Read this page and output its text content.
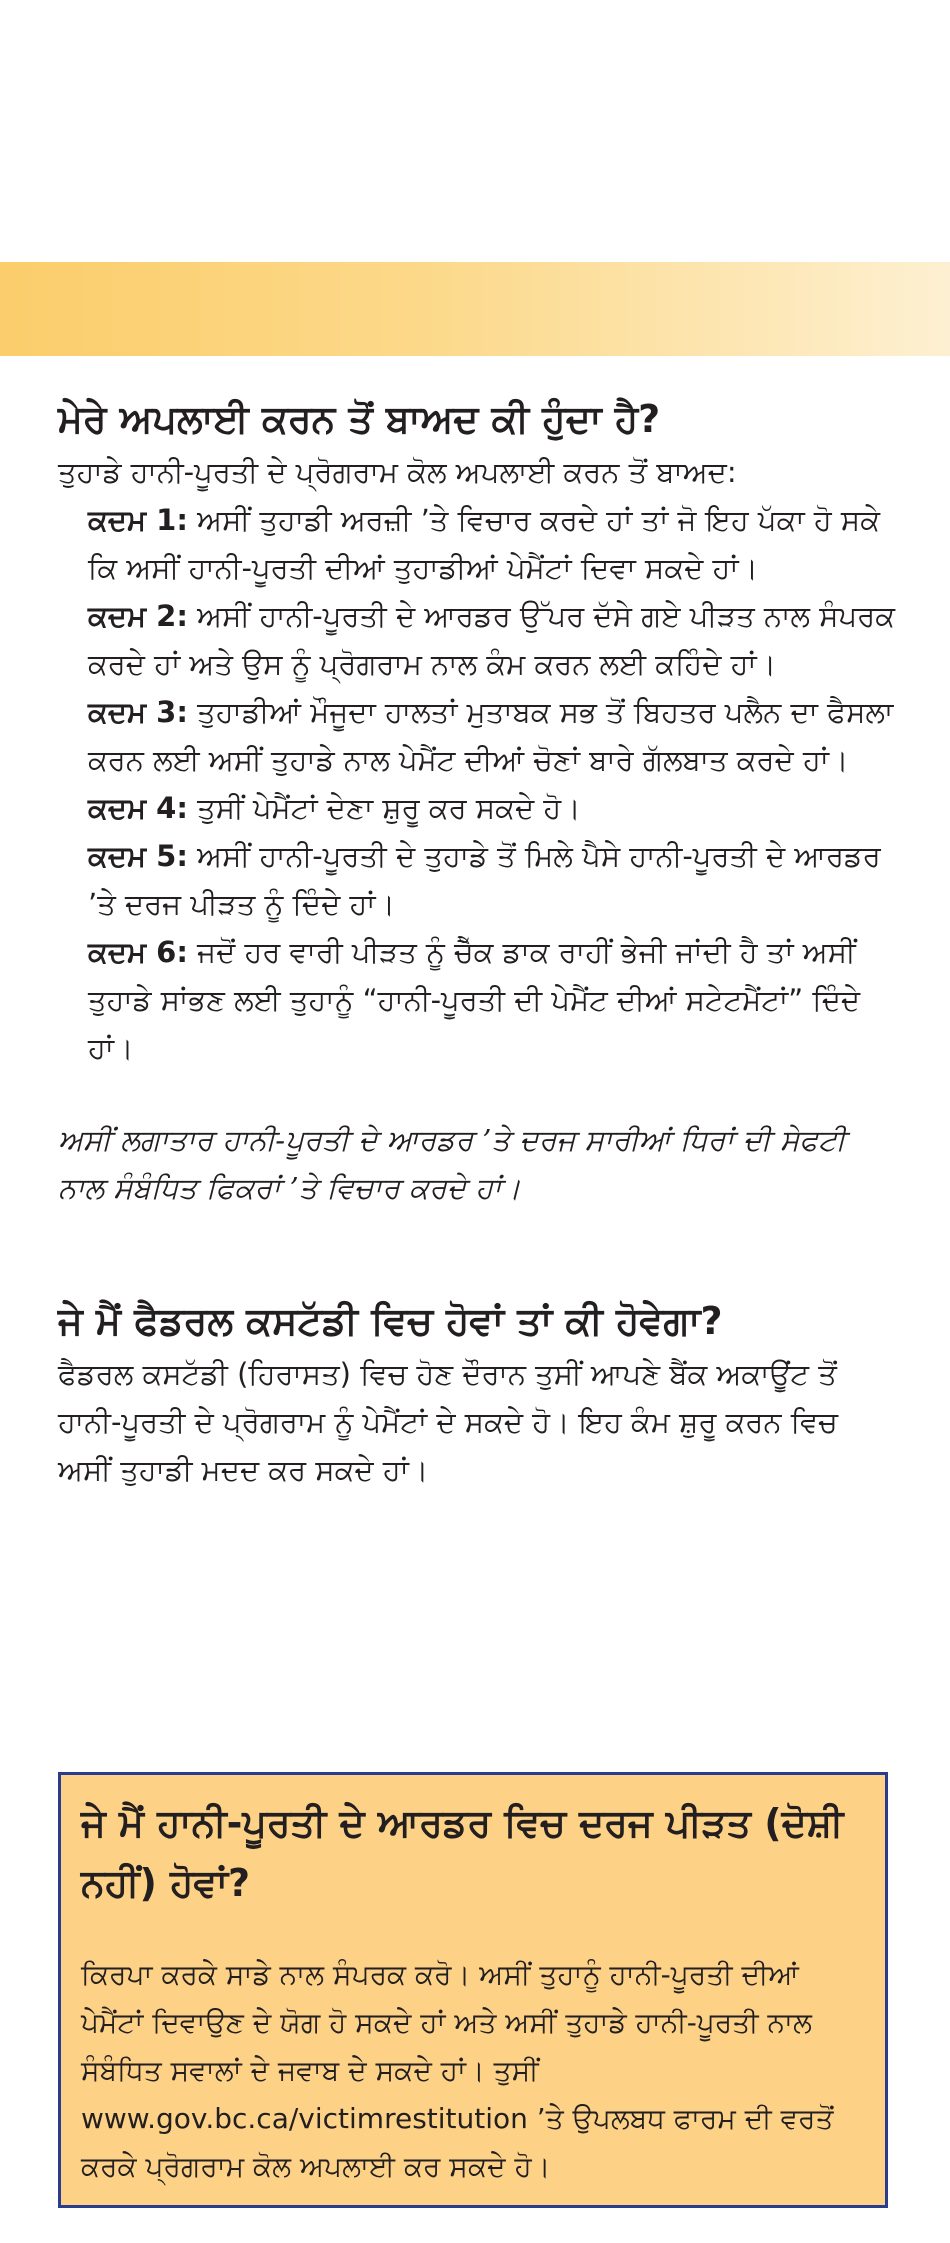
ਮੇਰੇ ਅਪਲਾਈ ਕਰਨ ਤੋਂ ਬਾਅਦ ਕੀ ਹੁੰਦਾ ਹੈ?

ਤੁਹਾਡੇ ਹਾਨੀ-ਪੂਰਤੀ ਦੇ ਪ੍ਰੋਗਰਾਮ ਕੋਲ ਅਪਲਾਈ ਕਰਨ ਤੋਂ ਬਾਅਦ:

ਕਦਮ 1: ਅਸੀਂ ਤੁਹਾਡੀ ਅਰਜ਼ੀ ’ਤੇ ਵਿਚਾਰ ਕਰਦੇ ਹਾਂ ਤਾਂ ਜੋ ਇਹ ਪੱਕਾ ਹੋ ਸਕੇ ਕਿ ਅਸੀਂ ਹਾਨੀ-ਪੂਰਤੀ ਦੀਆਂ ਤੁਹਾਡੀਆਂ ਪੇਮੈਂਟਾਂ ਦਿਵਾ ਸਕਦੇ ਹਾਂ।

ਕਦਮ 2: ਅਸੀਂ ਹਾਨੀ-ਪੂਰਤੀ ਦੇ ਆਰਡਰ ਉੱਪਰ ਦੱਸੇ ਗਏ ਪੀੜਤ ਨਾਲ ਸੰਪਰਕ ਕਰਦੇ ਹਾਂ ਅਤੇ ਉਸ ਨੂੰ ਪ੍ਰੋਗਰਾਮ ਨਾਲ ਕੰਮ ਕਰਨ ਲਈ ਕਹਿੰਦੇ ਹਾਂ।

ਕਦਮ 3: ਤੁਹਾਡੀਆਂ ਮੌਜੂਦਾ ਹਾਲਤਾਂ ਮੁਤਾਬਕ ਸਭ ਤੋਂ ਬਿਹਤਰ ਪਲੈਨ ਦਾ ਫੈਸਲਾ ਕਰਨ ਲਈ ਅਸੀਂ ਤੁਹਾਡੇ ਨਾਲ ਪੇਮੈਂਟ ਦੀਆਂ ਚੋਣਾਂ ਬਾਰੇ ਗੱਲਬਾਤ ਕਰਦੇ ਹਾਂ।

ਕਦਮ 4: ਤੁਸੀਂ ਪੇਮੈਂਟਾਂ ਦੇਣਾ ਸ਼ੁਰੂ ਕਰ ਸਕਦੇ ਹੋ।

ਕਦਮ 5: ਅਸੀਂ ਹਾਨੀ-ਪੂਰਤੀ ਦੇ ਤੁਹਾਡੇ ਤੋਂ ਮਿਲੇ ਪੈਸੇ ਹਾਨੀ-ਪੂਰਤੀ ਦੇ ਆਰਡਰ ’ਤੇ ਦਰਜ ਪੀੜਤ ਨੂੰ ਦਿੰਦੇ ਹਾਂ।

ਕਦਮ 6: ਜਦੋਂ ਹਰ ਵਾਰੀ ਪੀੜਤ ਨੂੰ ਚੈੱਕ ਡਾਕ ਰਾਹੀਂ ਭੇਜੀ ਜਾਂਦੀ ਹੈ ਤਾਂ ਅਸੀਂ ਤੁਹਾਡੇ ਸਾਂਭਣ ਲਈ ਤੁਹਾਨੂੰ “ਹਾਨੀ-ਪੂਰਤੀ ਦੀ ਪੇਮੈਂਟ ਦੀਆਂ ਸਟੇਟਮੈਂਟਾਂ” ਦਿੰਦੇ ਹਾਂ।

ਅਸੀਂ ਲਗਾਤਾਰ ਹਾਨੀ-ਪੂਰਤੀ ਦੇ ਆਰਡਰ ’ਤੇ ਦਰਜ ਸਾਰੀਆਂ ਧਿਰਾਂ ਦੀ ਸੇਫਟੀ ਨਾਲ ਸੰਬੰਧਿਤ ਫਿਕਰਾਂ ’ਤੇ ਵਿਚਾਰ ਕਰਦੇ ਹਾਂ।

ਜੇ ਮੈਂ ਫੈਡਰਲ ਕਸਟੱਡੀ ਵਿਚ ਹੋਵਾਂ ਤਾਂ ਕੀ ਹੋਵੇਗਾ?

ਫੈਡਰਲ ਕਸਟੱਡੀ (ਹਿਰਾਸਤ) ਵਿਚ ਹੋਣ ਦੌਰਾਨ ਤੁਸੀਂ ਆਪਣੇ ਬੈਂਕ ਅਕਾਊਂਟ ਤੋਂ ਹਾਨੀ-ਪੂਰਤੀ ਦੇ ਪ੍ਰੋਗਰਾਮ ਨੂੰ ਪੇਮੈਂਟਾਂ ਦੇ ਸਕਦੇ ਹੋ। ਇਹ ਕੰਮ ਸ਼ੁਰੂ ਕਰਨ ਵਿਚ ਅਸੀਂ ਤੁਹਾਡੀ ਮਦਦ ਕਰ ਸਕਦੇ ਹਾਂ।

ਜੇ ਮੈਂ ਹਾਨੀ-ਪੂਰਤੀ ਦੇ ਆਰਡਰ ਵਿਚ ਦਰਜ ਪੀੜਤ (ਦੋਸ਼ੀ ਨਹੀਂ) ਹੋਵਾਂ?

ਕਿਰਪਾ ਕਰਕੇ ਸਾਡੇ ਨਾਲ ਸੰਪਰਕ ਕਰੋ। ਅਸੀਂ ਤੁਹਾਨੂੰ ਹਾਨੀ-ਪੂਰਤੀ ਦੀਆਂ ਪੇਮੈਂਟਾਂ ਦਿਵਾਉਣ ਦੇ ਯੋਗ ਹੋ ਸਕਦੇ ਹਾਂ ਅਤੇ ਅਸੀਂ ਤੁਹਾਡੇ ਹਾਨੀ-ਪੂਰਤੀ ਨਾਲ ਸੰਬੰਧਿਤ ਸਵਾਲਾਂ ਦੇ ਜਵਾਬ ਦੇ ਸਕਦੇ ਹਾਂ। ਤੁਸੀਂ www.gov.bc.ca/victimrestitution ’ਤੇ ਉਪਲਬਧ ਫਾਰਮ ਦੀ ਵਰਤੋਂ ਕਰਕੇ ਪ੍ਰੋਗਰਾਮ ਕੋਲ ਅਪਲਾਈ ਕਰ ਸਕਦੇ ਹੋ।
